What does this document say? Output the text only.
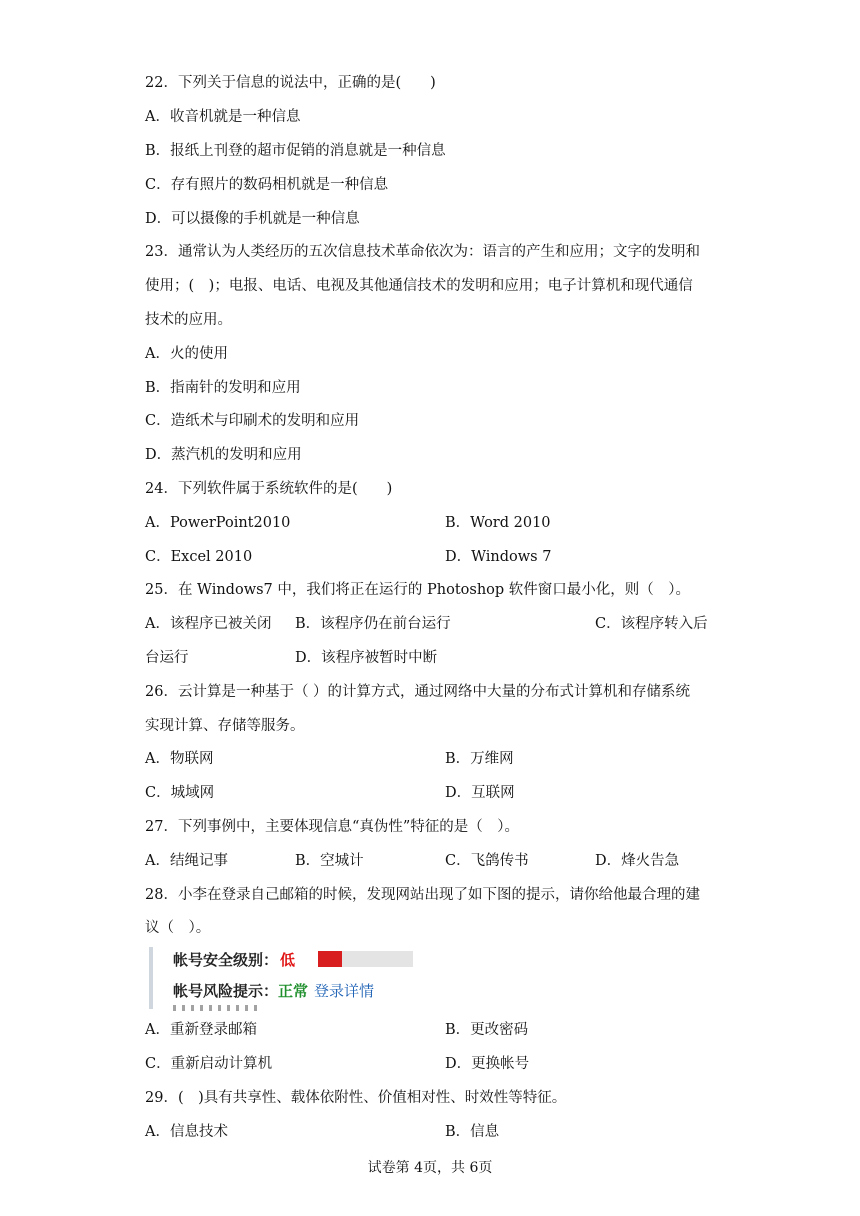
22．下列关于信息的说法中，正确的是(　　)
A．收音机就是一种信息
B．报纸上刊登的超市促销的消息就是一种信息
C．存有照片的数码相机就是一种信息
D．可以摄像的手机就是一种信息
23．通常认为人类经历的五次信息技术革命依次为：语言的产生和应用；文字的发明和
使用；(　)；电报、电话、电视及其他通信技术的发明和应用；电子计算机和现代通信
技术的应用。
A．火的使用
B．指南针的发明和应用
C．造纸术与印刷术的发明和应用
D．蒸汽机的发明和应用
24．下列软件属于系统软件的是(　　)
A．PowerPoint2010	B．Word 2010
C．Excel 2010	D．Windows 7
25．在 Windows7 中，我们将正在运行的 Photoshop 软件窗口最小化，则（　）。
A．该程序已被关闭 B．该程序仍在前台运行	C．该程序转入后
台运行	D．该程序被暂时中断
26．云计算是一种基于（ ）的计算方式，通过网络中大量的分布式计算机和存储系统
实现计算、存储等服务。
A．物联网	B．万维网
C．城域网	D．互联网
27．下列事例中，主要体现信息“真伪性”特征的是（　）。
A．结绳记事	B．空城计	C．飞鸽传书	D．烽火告急
28．小李在登录自己邮箱的时候，发现网站出现了如下图的提示，请你给他最合理的建
议（　）。
帐号安全级别： 低
帐号风险提示：正常 登录详情
A．重新登录邮箱	B．更改密码
C．重新启动计算机	D．更换帐号
29．(　)具有共享性、载体依附性、价值相对性、时效性等特征。
A．信息技术	B．信息
试卷第 4页，共 6页
